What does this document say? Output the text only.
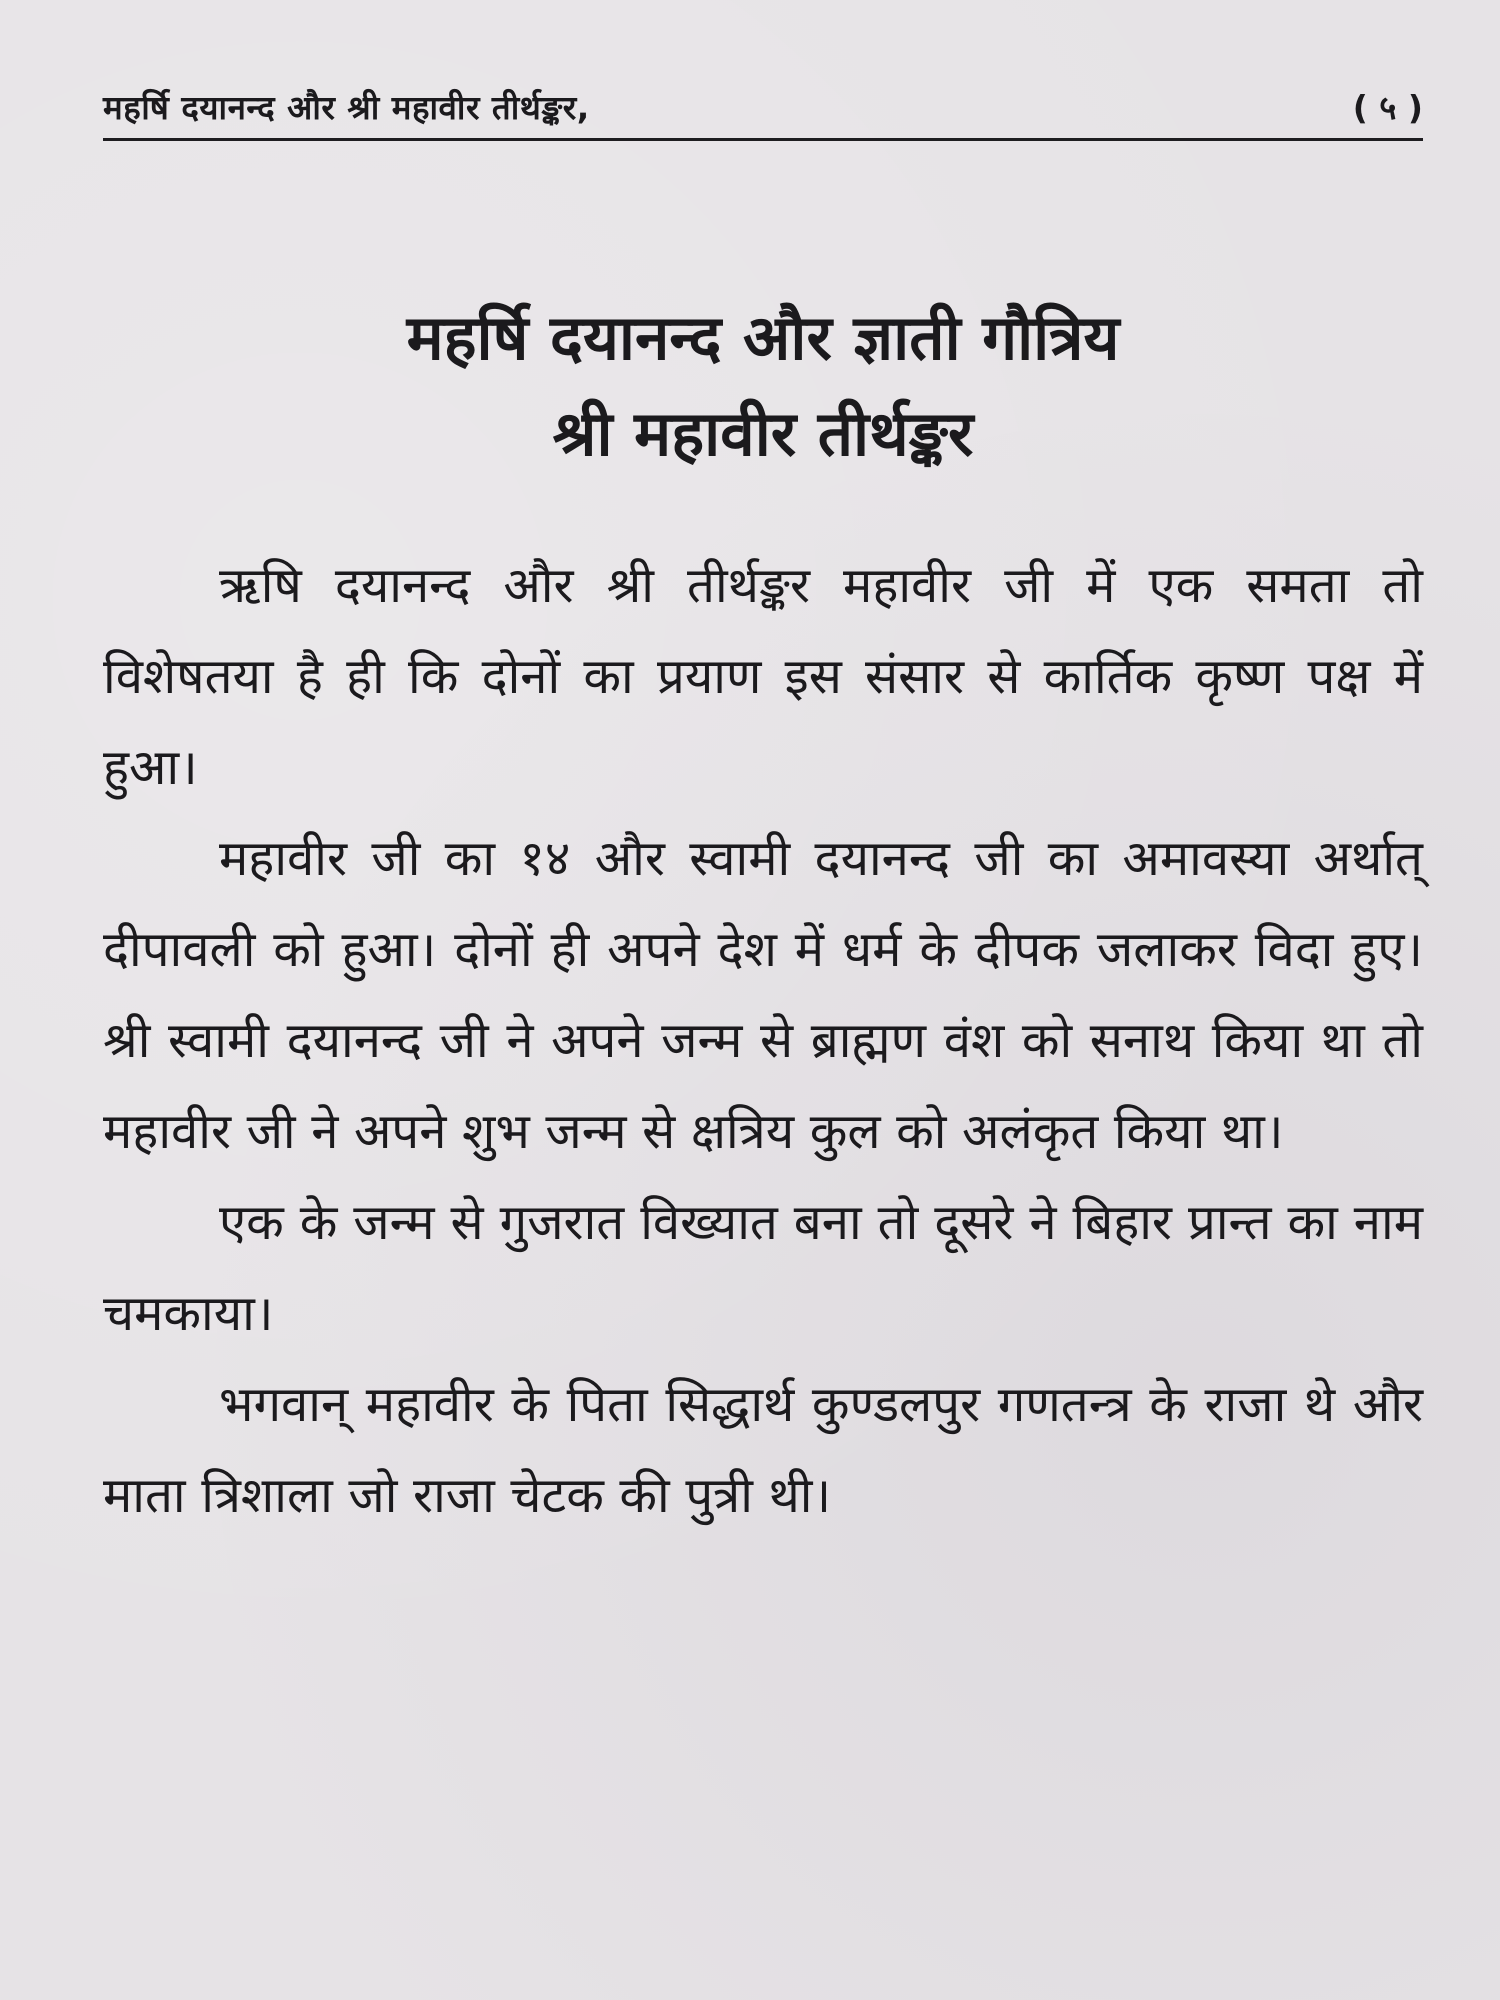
महर्षि दयानन्द और श्री महावीर तीर्थङ्कर,	( ५ )
महर्षि दयानन्द और ज्ञाती गौत्रिय
श्री महावीर तीर्थङ्कर

ऋषि दयानन्द और श्री तीर्थङ्कर महावीर जी में एक समता तो विशेषतया है ही कि दोनों का प्रयाण इस संसार से कार्तिक कृष्ण पक्ष में हुआ।

महावीर जी का १४ और स्वामी दयानन्द जी का अमावस्या अर्थात् दीपावली को हुआ। दोनों ही अपने देश में धर्म के दीपक जलाकर विदा हुए। श्री स्वामी दयानन्द जी ने अपने जन्म से ब्राह्मण वंश को सनाथ किया था तो महावीर जी ने अपने शुभ जन्म से क्षत्रिय कुल को अलंकृत किया था।

एक के जन्म से गुजरात विख्यात बना तो दूसरे ने बिहार प्रान्त का नाम चमकाया।

भगवान् महावीर के पिता सिद्धार्थ कुण्डलपुर गणतन्त्र के राजा थे और माता त्रिशाला जो राजा चेटक की पुत्री थी।
